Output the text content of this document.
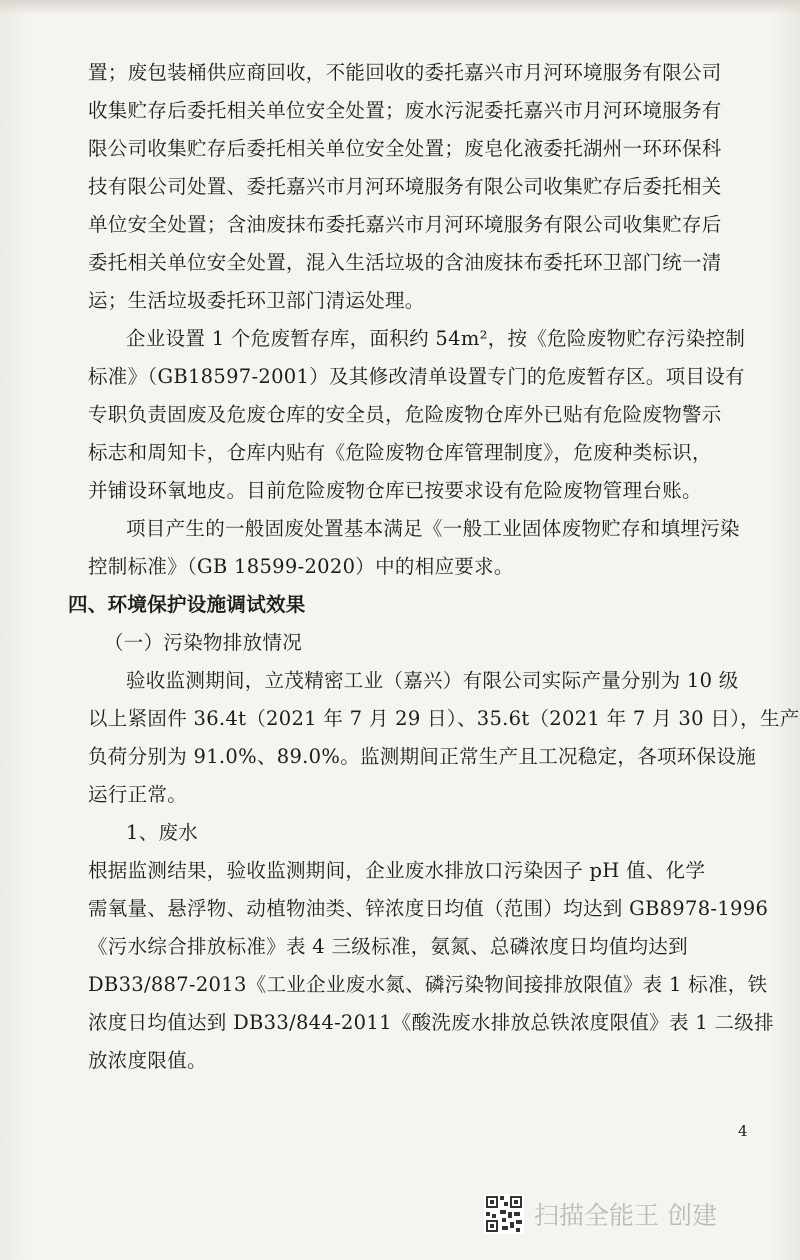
置；废包装桶供应商回收，不能回收的委托嘉兴市月河环境服务有限公司
收集贮存后委托相关单位安全处置；废水污泥委托嘉兴市月河环境服务有
限公司收集贮存后委托相关单位安全处置；废皂化液委托湖州一环环保科
技有限公司处置、委托嘉兴市月河环境服务有限公司收集贮存后委托相关
单位安全处置；含油废抹布委托嘉兴市月河环境服务有限公司收集贮存后
委托相关单位安全处置，混入生活垃圾的含油废抹布委托环卫部门统一清
运；生活垃圾委托环卫部门清运处理。
企业设置 1 个危废暂存库，面积约 54m²，按《危险废物贮存污染控制
标准》（GB18597-2001）及其修改清单设置专门的危废暂存区。项目设有
专职负责固废及危废仓库的安全员，危险废物仓库外已贴有危险废物警示
标志和周知卡，仓库内贴有《危险废物仓库管理制度》，危废种类标识，
并铺设环氧地皮。目前危险废物仓库已按要求设有危险废物管理台账。
项目产生的一般固废处置基本满足《一般工业固体废物贮存和填埋污染
控制标准》（GB 18599-2020）中的相应要求。
四、环境保护设施调试效果
（一）污染物排放情况
验收监测期间，立茂精密工业（嘉兴）有限公司实际产量分别为 10 级
以上紧固件 36.4t（2021 年 7 月 29 日）、35.6t（2021 年 7 月 30 日），生产
负荷分别为 91.0%、89.0%。监测期间正常生产且工况稳定，各项环保设施
运行正常。
1、废水
根据监测结果，验收监测期间，企业废水排放口污染因子 pH 值、化学
需氧量、悬浮物、动植物油类、锌浓度日均值（范围）均达到 GB8978-1996
《污水综合排放标准》表 4 三级标准，氨氮、总磷浓度日均值均达到
DB33/887-2013《工业企业废水氮、磷污染物间接排放限值》表 1 标准，铁
浓度日均值达到 DB33/844-2011《酸洗废水排放总铁浓度限值》表 1 二级排
放浓度限值。
4
扫描全能王 创建
